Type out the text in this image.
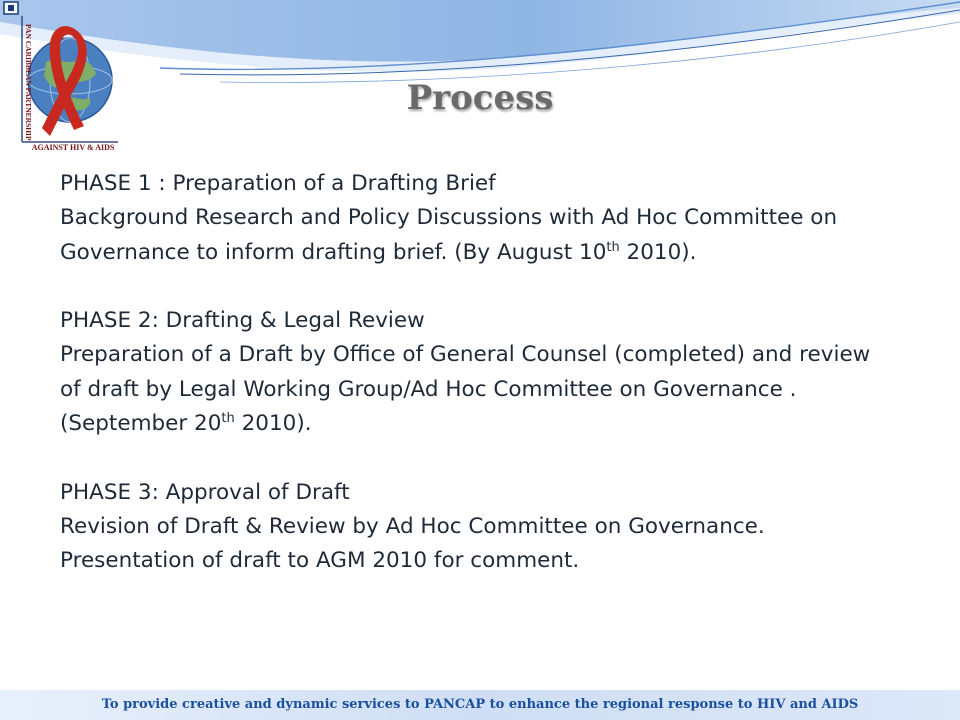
PAN CARIBBEAN PARTNERSHIP
AGAINST HIV & AIDS
Process
PHASE 1 : Preparation of a Drafting Brief
Background Research and Policy Discussions with Ad Hoc Committee on
Governance to inform drafting brief. (By August 10th 2010).
PHASE 2: Drafting & Legal Review
Preparation of a Draft by Office of General Counsel (completed) and review
of draft by Legal Working Group/Ad Hoc Committee on Governance .
(September 20th 2010).
PHASE 3: Approval of Draft
Revision of Draft & Review by Ad Hoc Committee on Governance.
Presentation of draft to AGM 2010 for comment.
To provide creative and dynamic services to PANCAP to enhance the regional response to HIV and AIDS
